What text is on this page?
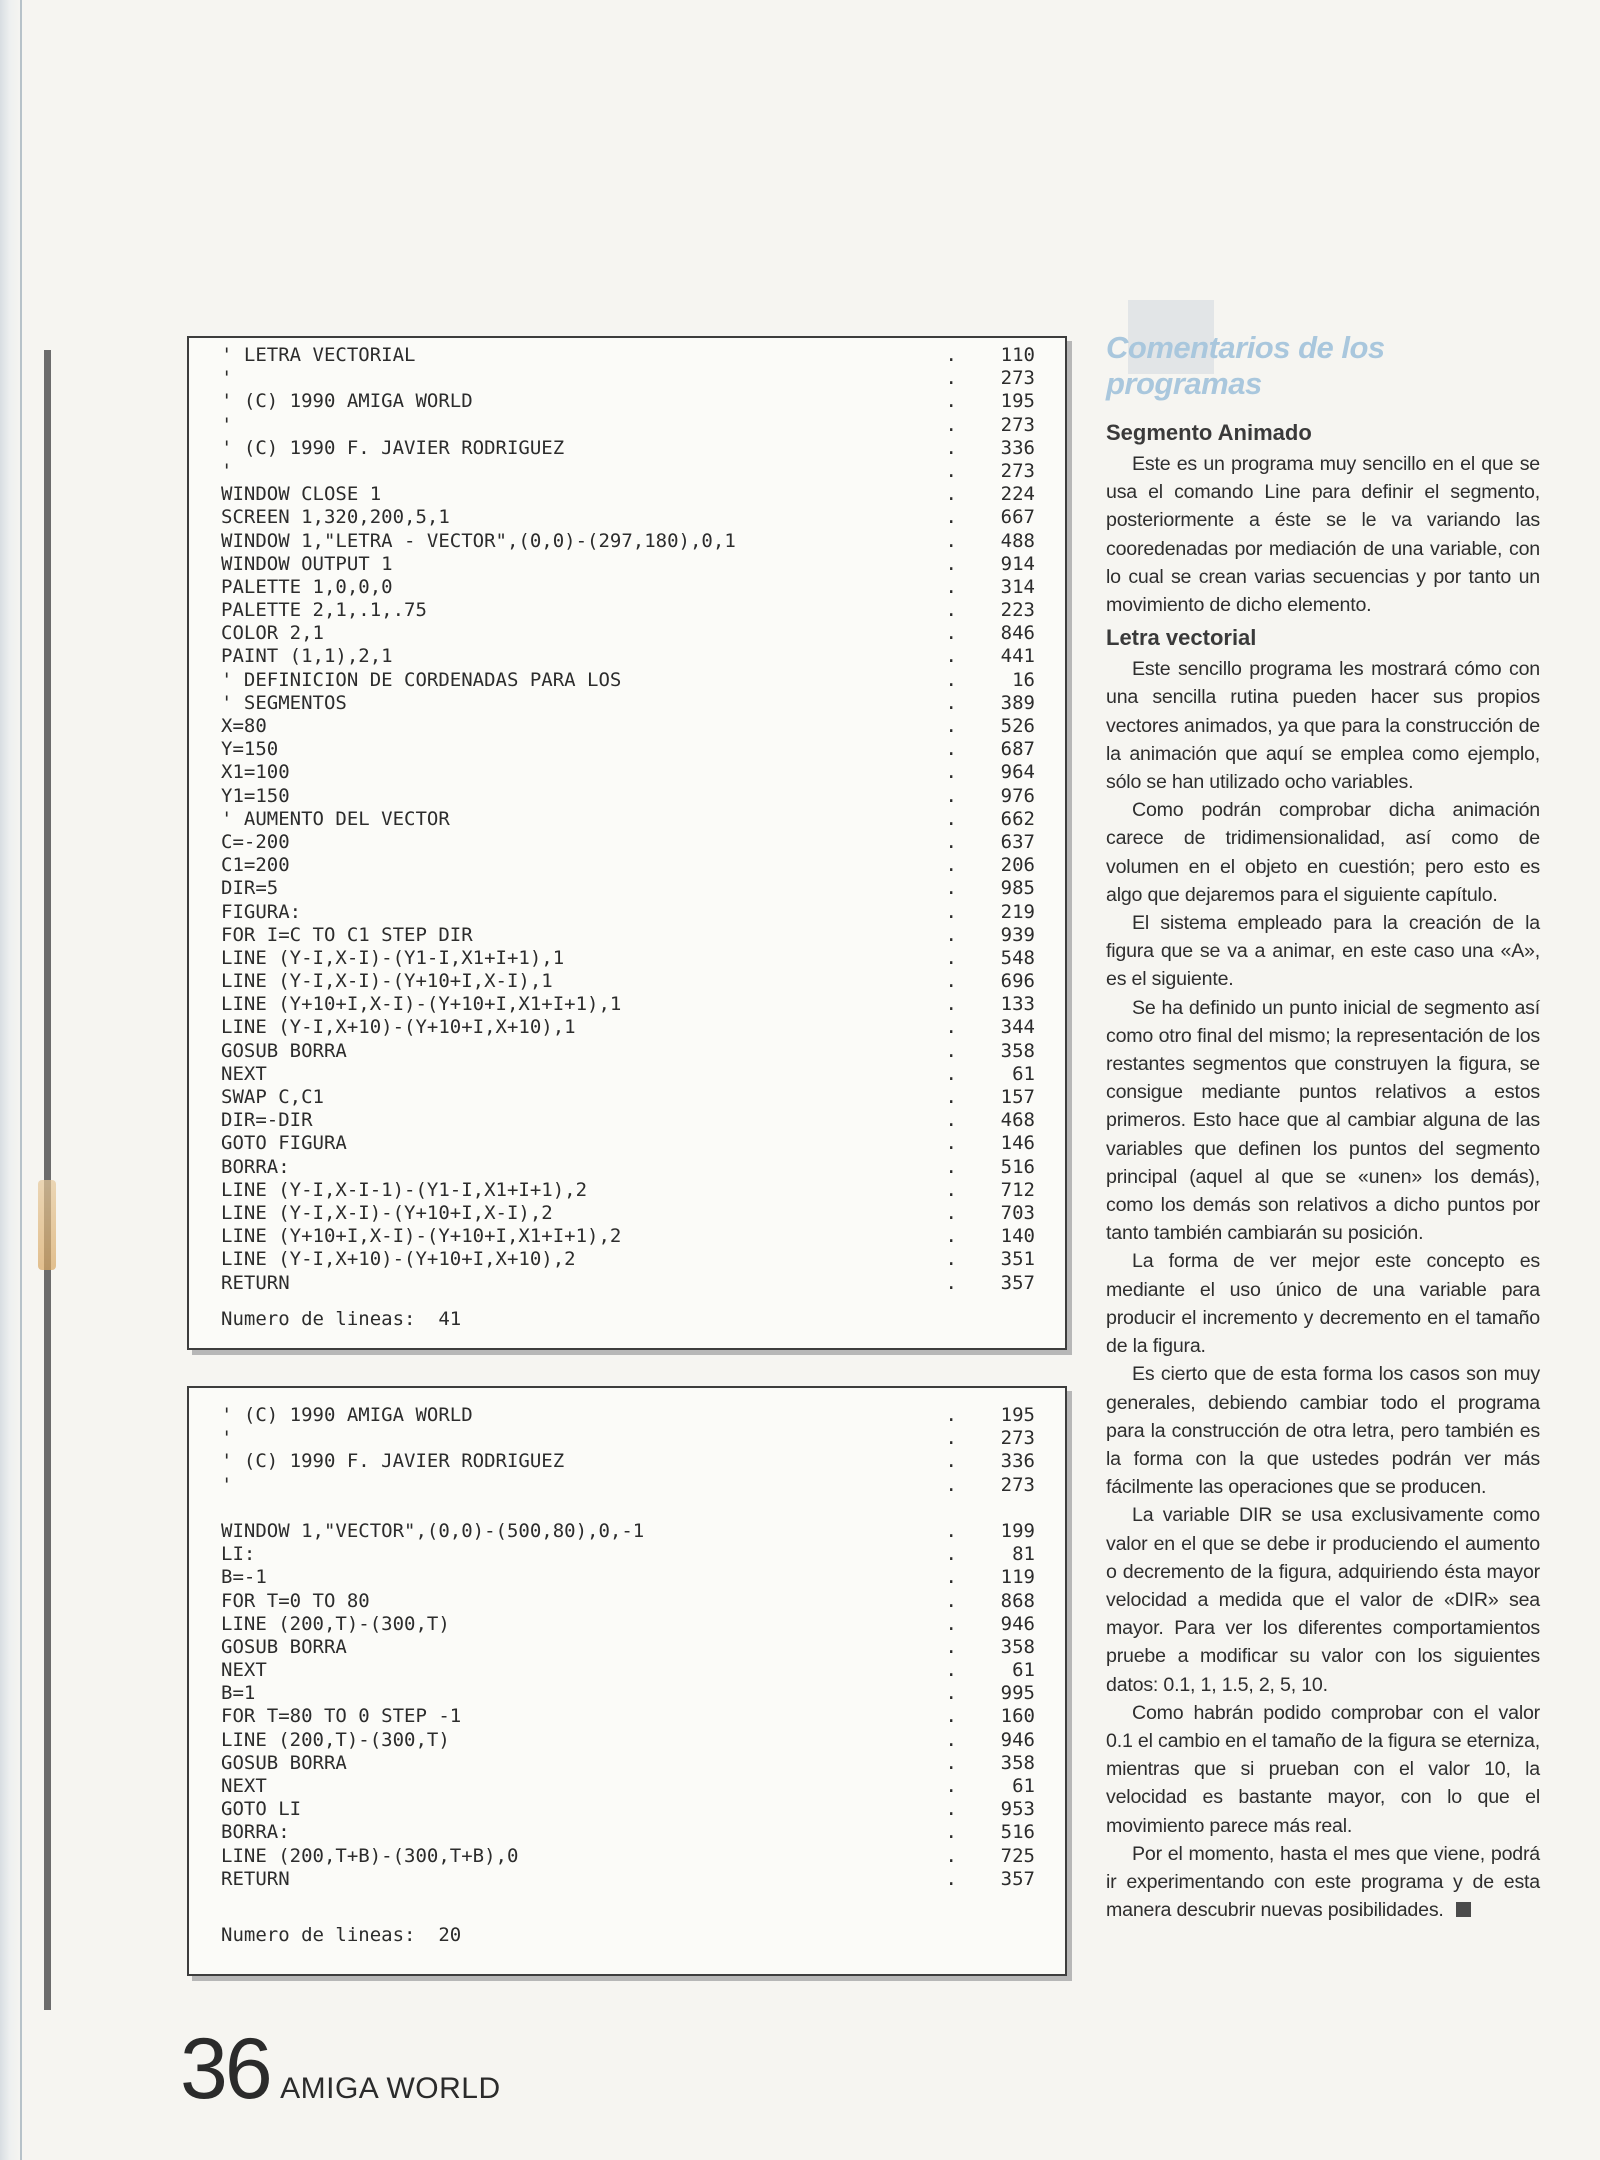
' LETRA VECTORIAL	.	110
'	.	273
' (C) 1990 AMIGA WORLD	.	195
'	.	273
' (C) 1990 F. JAVIER RODRIGUEZ	.	336
'	.	273
WINDOW CLOSE 1	.	224
SCREEN 1,320,200,5,1	.	667
WINDOW 1,"LETRA - VECTOR",(0,0)-(297,180),0,1	.	488
WINDOW OUTPUT 1	.	914
PALETTE 1,0,0,0	.	314
PALETTE 2,1,.1,.75	.	223
COLOR 2,1	.	846
PAINT (1,1),2,1	.	441
' DEFINICION DE CORDENADAS PARA LOS	.	16
' SEGMENTOS	.	389
X=80	.	526
Y=150	.	687
X1=100	.	964
Y1=150	.	976
' AUMENTO DEL VECTOR	.	662
C=-200	.	637
C1=200	.	206
DIR=5	.	985
FIGURA:	.	219
FOR I=C TO C1 STEP DIR	.	939
LINE (Y-I,X-I)-(Y1-I,X1+I+1),1	.	548
LINE (Y-I,X-I)-(Y+10+I,X-I),1	.	696
LINE (Y+10+I,X-I)-(Y+10+I,X1+I+1),1	.	133
LINE (Y-I,X+10)-(Y+10+I,X+10),1	.	344
GOSUB BORRA	.	358
NEXT	.	61
SWAP C,C1	.	157
DIR=-DIR	.	468
GOTO FIGURA	.	146
BORRA:	.	516
LINE (Y-I,X-I-1)-(Y1-I,X1+I+1),2	.	712
LINE (Y-I,X-I)-(Y+10+I,X-I),2	.	703
LINE (Y+10+I,X-I)-(Y+10+I,X1+I+1),2	.	140
LINE (Y-I,X+10)-(Y+10+I,X+10),2	.	351
RETURN	.	357
Numero de lineas:  41
' (C) 1990 AMIGA WORLD	.	195
'	.	273
' (C) 1990 F. JAVIER RODRIGUEZ	.	336
'	.	273
WINDOW 1,"VECTOR",(0,0)-(500,80),0,-1	.	199
LI:	.	81
B=-1	.	119
FOR T=0 TO 80	.	868
LINE (200,T)-(300,T)	.	946
GOSUB BORRA	.	358
NEXT	.	61
B=1	.	995
FOR T=80 TO 0 STEP -1	.	160
LINE (200,T)-(300,T)	.	946
GOSUB BORRA	.	358
NEXT	.	61
GOTO LI	.	953
BORRA:	.	516
LINE (200,T+B)-(300,T+B),0	.	725
RETURN	.	357
Numero de lineas:  20
Comentarios de los programas
Segmento Animado

Este es un programa muy sencillo en el que se usa el comando Line para definir el segmento, posteriormente a éste se le va variando las cooredenadas por mediación de una variable, con lo cual se crean varias secuencias y por tanto un movimiento de dicho elemento.

Letra vectorial

Este sencillo programa les mostrará cómo con una sencilla rutina pueden hacer sus propios vectores animados, ya que para la construcción de la animación que aquí se emplea como ejemplo, sólo se han utilizado ocho variables.

Como podrán comprobar dicha animación carece de tridimensionalidad, así como de volumen en el objeto en cuestión; pero esto es algo que dejaremos para el siguiente capítulo.

El sistema empleado para la creación de la figura que se va a animar, en este caso una «A», es el siguiente.

Se ha definido un punto inicial de segmento así como otro final del mismo; la representación de los restantes segmentos que construyen la figura, se consigue mediante puntos relativos a estos primeros. Esto hace que al cambiar alguna de las variables que definen los puntos del segmento principal (aquel al que se «unen» los demás), como los demás son relativos a dicho puntos por tanto también cambiarán su posición.

La forma de ver mejor este concepto es mediante el uso único de una variable para producir el incremento y decremento en el tamaño de la figura.

Es cierto que de esta forma los casos son muy generales, debiendo cambiar todo el programa para la construcción de otra letra, pero también es la forma con la que ustedes podrán ver más fácilmente las operaciones que se producen.

La variable DIR se usa exclusivamente como valor en el que se debe ir produciendo el aumento o decremento de la figura, adquiriendo ésta mayor velocidad a medida que el valor de «DIR» sea mayor. Para ver los diferentes comportamientos pruebe a modificar su valor con los siguientes datos: 0.1, 1, 1.5, 2, 5, 10.

Como habrán podido comprobar con el valor 0.1 el cambio en el tamaño de la figura se eterniza, mientras que si prueban con el valor 10, la velocidad es bastante mayor, con lo que el movimiento parece más real.

Por el momento, hasta el mes que viene, podrá ir experimentando con este programa y de esta manera descubrir nuevas posibilidades.

36 AMIGA WORLD
